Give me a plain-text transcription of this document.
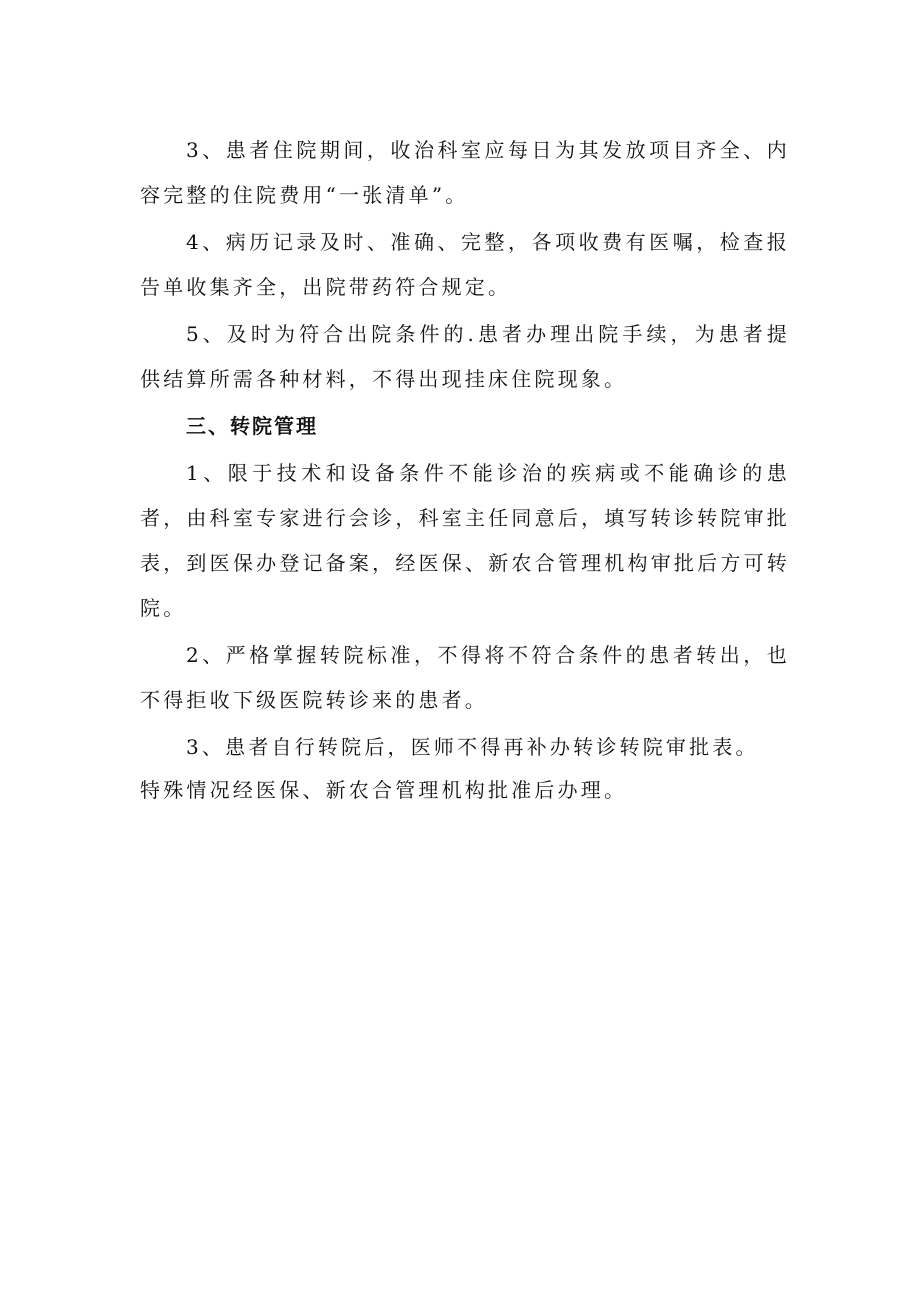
3、患者住院期间，收治科室应每日为其发放项目齐全、内容完整的住院费用“一张清单”。

4、病历记录及时、准确、完整，各项收费有医嘱，检查报告单收集齐全，出院带药符合规定。

5、及时为符合出院条件的.患者办理出院手续，为患者提供结算所需各种材料，不得出现挂床住院现象。

三、转院管理

1、限于技术和设备条件不能诊治的疾病或不能确诊的患者，由科室专家进行会诊，科室主任同意后，填写转诊转院审批表，到医保办登记备案，经医保、新农合管理机构审批后方可转院。

2、严格掌握转院标准，不得将不符合条件的患者转出，也不得拒收下级医院转诊来的患者。

3、患者自行转院后，医师不得再补办转诊转院审批表。

特殊情况经医保、新农合管理机构批准后办理。
